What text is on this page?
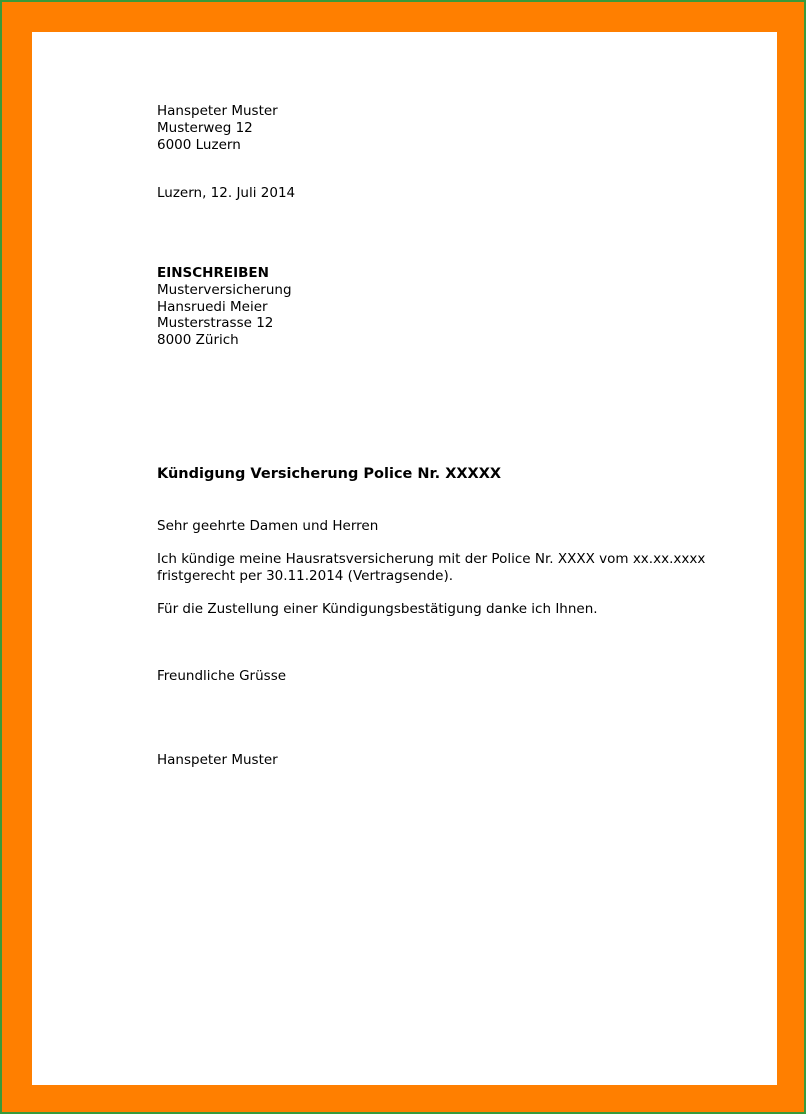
Hanspeter Muster
Musterweg 12
6000 Luzern
Luzern, 12. Juli 2014
EINSCHREIBEN
Musterversicherung
Hansruedi Meier
Musterstrasse 12
8000 Zürich
Kündigung Versicherung Police Nr. XXXXX
Sehr geehrte Damen und Herren
Ich kündige meine Hausratsversicherung mit der Police Nr. XXXX vom xx.xx.xxxx
fristgerecht per 30.11.2014 (Vertragsende).
Für die Zustellung einer Kündigungsbestätigung danke ich Ihnen.
Freundliche Grüsse
Hanspeter Muster
